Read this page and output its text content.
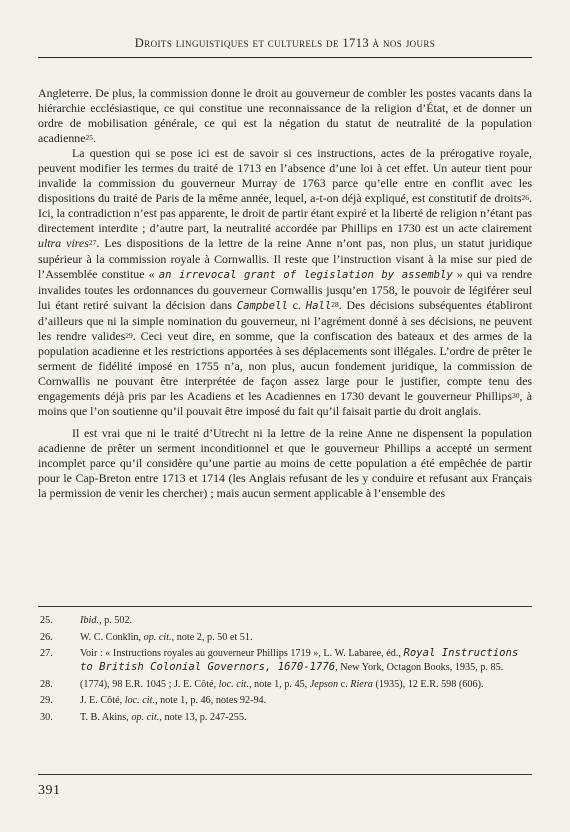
Droits linguistiques et culturels de 1713 à nos jours

Angleterre. De plus, la commission donne le droit au gouverneur de combler les postes vacants dans la hiérarchie ecclésiastique, ce qui constitue une reconnaissance de la religion d’État, et de donner un ordre de mobilisation générale, ce qui est la négation du statut de neutralité de la population acadienne$^{25}$.

La question qui se pose ici est de savoir si ces instructions, actes de la prérogative royale, peuvent modifier les termes du traité de 1713 en l’absence d’une loi à cet effet. Un auteur tient pour invalide la commission du gouverneur Murray de 1763 parce qu’elle entre en conflit avec les dispositions du traité de Paris de la même année, lequel, a-t-on déjà expliqué, est constitutif de droits$^{26}$. Ici, la contradiction n’est pas apparente, le droit de partir étant expiré et la liberté de religion n’étant pas directement interdite ; d’autre part, la neutralité accordée par Phillips en 1730 est un acte clairement ultra vires$^{27}$. Les dispositions de la lettre de la reine Anne n’ont pas, non plus, un statut juridique supérieur à la commission royale à Cornwallis. Il reste que l’instruction visant à la mise sur pied de l’Assemblée constitue « an irrevocal grant of legislation by assembly » qui va rendre invalides toutes les ordonnances du gouverneur Cornwallis jusqu’en 1758, le pouvoir de légiférer seul lui étant retiré suivant la décision dans Campbell c. Hall$^{28}$. Des décisions subséquentes établiront d’ailleurs que ni la simple nomination du gouverneur, ni l’agrément donné à ses décisions, ne peuvent les rendre valides$^{29}$. Ceci veut dire, en somme, que la confiscation des bateaux et des armes de la population acadienne et les restrictions apportées à ses déplacements sont illégales. L’ordre de prêter le serment de fidélité imposé en 1755 n’a, non plus, aucun fondement juridique, la commission de Cornwallis ne pouvant être interprétée de façon assez large pour le justifier, compte tenu des engagements déjà pris par les Acadiens et les Acadiennes en 1730 devant le gouverneur Phillips$^{30}$, à moins que l’on soutienne qu’il pouvait être imposé du fait qu’il faisait partie du droit anglais.

Il est vrai que ni le traité d’Utrecht ni la lettre de la reine Anne ne dispensent la population acadienne de prêter un serment inconditionnel et que le gouverneur Phillips a accepté un serment incomplet parce qu’il considère qu’une partie au moins de cette population a été empêchée de partir pour le Cap-Breton entre 1713 et 1714 (les Anglais refusant de les y conduire et refusant aux Français la permission de venir les chercher) ; mais aucun serment applicable à l’ensemble des

25.	Ibid., p. 502.
26.	W. C. Conklin, op. cit., note 2, p. 50 et 51.
27.	Voir : « Instructions royales au gouverneur Phillips 1719 », L. W. Labaree, éd., Royal Instructions to British Colonial Governors, 1670-1776, New York, Octagon Books, 1935, p. 85.
28.	(1774), 98 E.R. 1045 ; J. E. Côté, loc. cit., note 1, p. 45, Jepson c. Riera (1935), 12 E.R. 598 (606).
29.	J. E. Côté, loc. cit., note 1, p. 46, notes 92-94.
30.	T. B. Akins, op. cit., note 13, p. 247-255.
391
